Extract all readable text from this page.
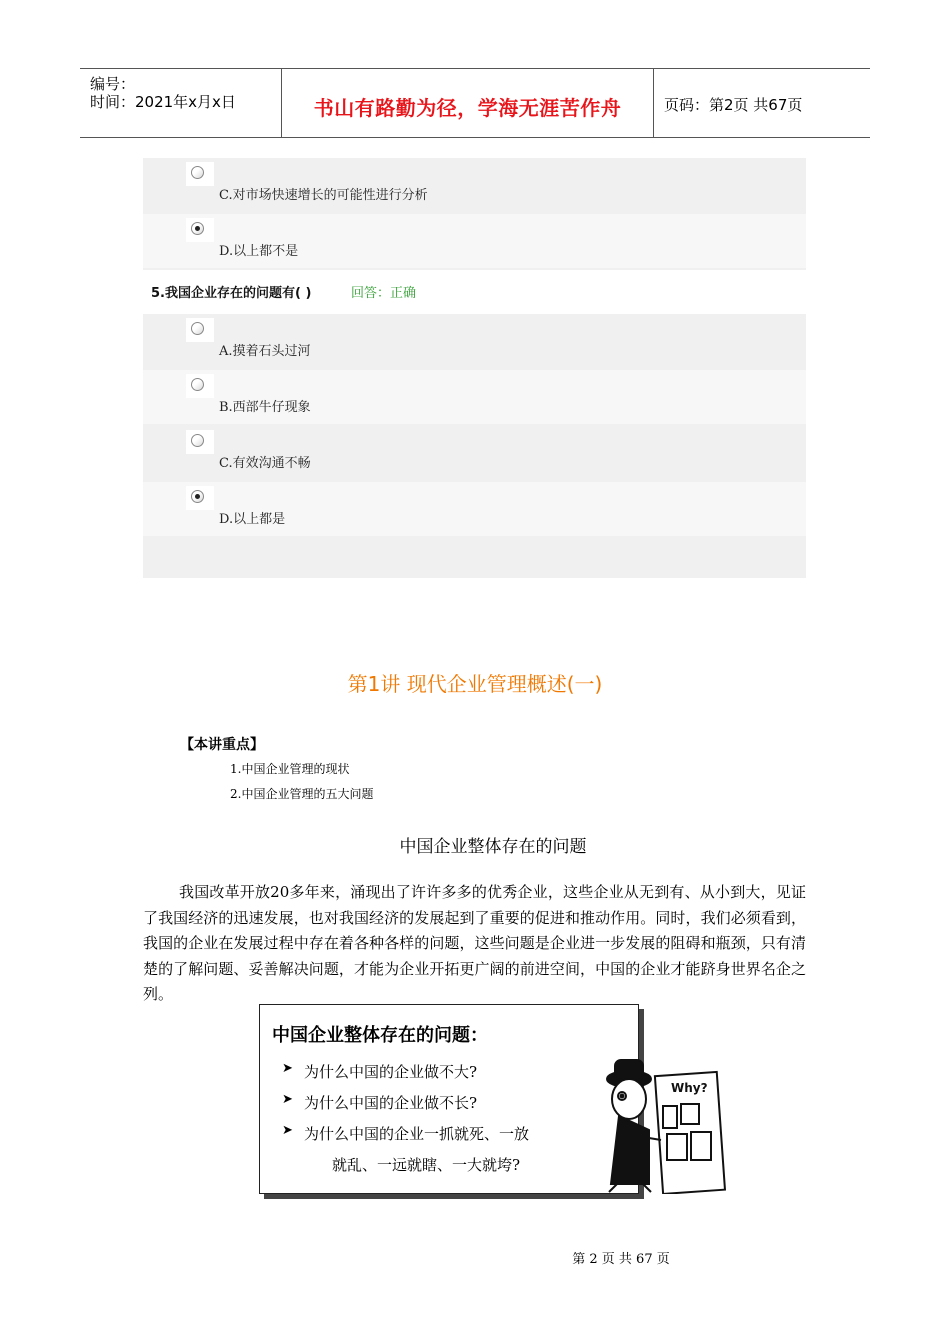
编号：
时间：2021年x月x日	书山有路勤为径，学海无涯苦作舟	页码：第2页 共67页
C.对市场快速增长的可能性进行分析
D.以上都不是
5.我国企业存在的问题有( )	回答：正确
A.摸着石头过河
B.西部牛仔现象
C.有效沟通不畅
D.以上都是
第1讲 现代企业管理概述(一)
【本讲重点】
1.中国企业管理的现状
2.中国企业管理的五大问题
中国企业整体存在的问题
我国改革开放20多年来，涌现出了许许多多的优秀企业，这些企业从无到有、从小到大，见证了我国经济的迅速发展，也对我国经济的发展起到了重要的促进和推动作用。同时，我们必须看到，我国的企业在发展过程中存在着各种各样的问题，这些问题是企业进一步发展的阻碍和瓶颈，只有清楚的了解问题、妥善解决问题，才能为企业开拓更广阔的前进空间，中国的企业才能跻身世界名企之列。
中国企业整体存在的问题：
➤ 为什么中国的企业做不大?
➤ 为什么中国的企业做不长?
➤ 为什么中国的企业一抓就死、一放
就乱、一远就瞎、一大就垮?
Why?
第 2 页 共 67 页
